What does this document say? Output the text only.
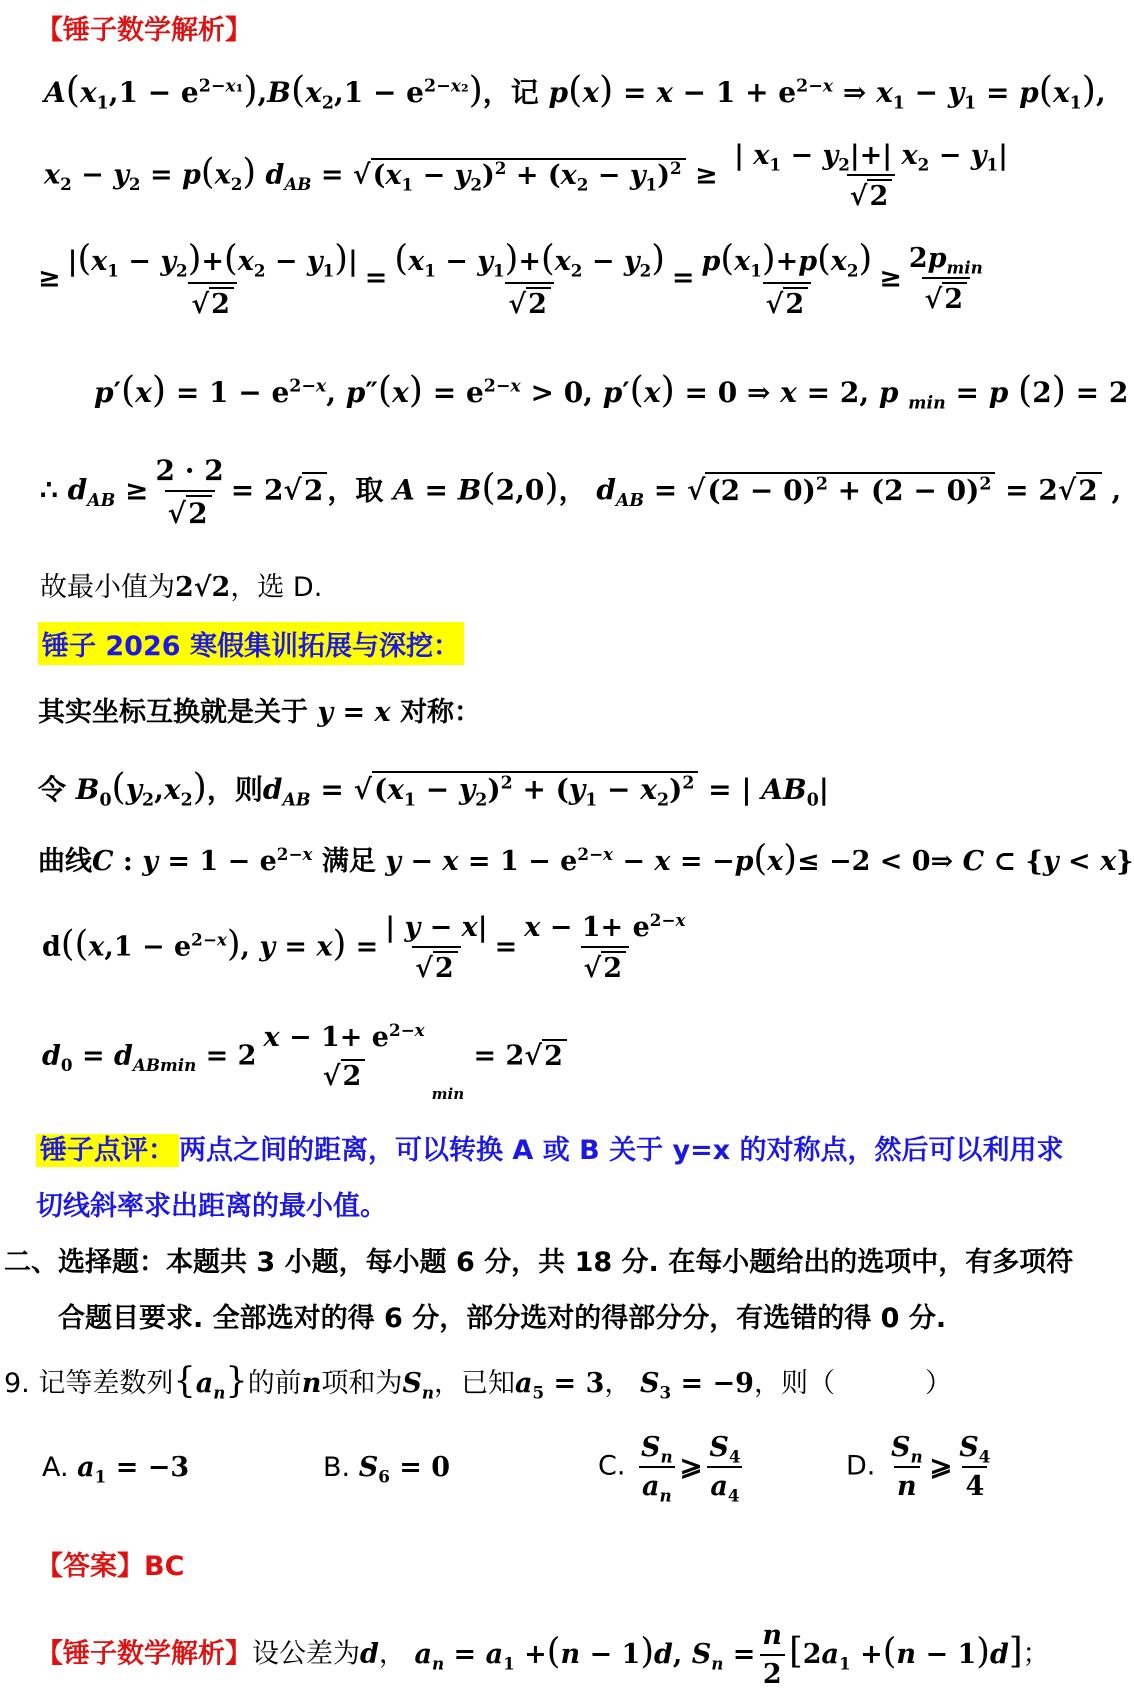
【锤子数学解析】
$A(x_1,1 - e^{2-x_1}),B(x_2,1 - e^{2-x_2})$，记 $p(x) = x - 1 + e^{2-x}$ ⇒ $x_1 - y_1 = p(x_1)$,
$x_2 - y_2 = p(x_2) d_{AB} = √(x_1 - y_2)^2 + (x_2 - y_1)^2 \ge \frac{| x_1 - y_2|+| x_2 - y_1|}{√2}$
≥ $\frac{|(x_1 - y_2)+(x_2 - y_1)|}{√2} = \frac{(x_1 - y_1)+(x_2 - y_2)}{√2} = \frac{p(x_1)+p(x_2)}{√2} \ge \frac{2p_{min}}{√2}$
$p'(x) = 1 - e^{2-x}$, $p''(x) = e^{2-x} > 0$, p′(x) = 0 ⇒ x = 2, p $_{min}$ = p (2) = 2
∴ $d_{AB} \ge \frac{2 \cdot 2}{√2} = 2√2$ ，取 A = B(2,0)， $d_{AB} = √(2 - 0)^2 + (2 - 0)^2 = 2√2$ ,
故最小值为2√2，选 D.
锤子 2026 寒假集训拓展与深挖：
其实坐标互换就是关于 y = x 对称：
令 $B_0(y_2,x_2)$，则$d_{AB} = √(x_1 - y_2)^2 + (y_1 - x_2)^2$ = | $AB_0|$
曲线C : $y = 1 - e^{2-x}$ 满足 $y - x = 1 - e^{2-x} - x = -p(x)\le -2$ < 0⇒ C ⊂ {y < x}
$d((x,1 - e^{2-x})$, $y = x) = \frac{| y - x|}{√2} = \frac{x - 1+ e^{2-x}}{√2}$
$d_0 = d_{ABmin} = 2$
$x - 1+ e^{2-x}$
√2
min = 2√2
锤子点评： 两点之间的距离，可以转换 A 或 B 关于 y=x 的对称点，然后可以利用求
切线斜率求出距离的最小值。
二、选择题：本题共 3 小题，每小题 6 分，共 18 分. 在每小题给出的选项中，有多项符
合题目要求. 全部选对的得 6 分，部分选对的得部分分，有选错的得 0 分.
9. 记等差数列$\{a_n\}$的前n项和为$S_n$，已知$a_5 = 3$， $S_3 = -9$，则（	）
A. $a_1 = -3$	B. $S_6 = 0$	C. $\frac{S_n}{a_n}$ ⩾ $\frac{S_4}{a_4}$	D. $\frac{S_n}{n}$ ⩾ $\frac{S_4}{4}$
【答案】BC
【锤子数学解析】设公差为d， $a_n = a_1 +(n - 1)d$, $S_n = \frac{n}{2} [2a_1 +(n - 1)d]$；
